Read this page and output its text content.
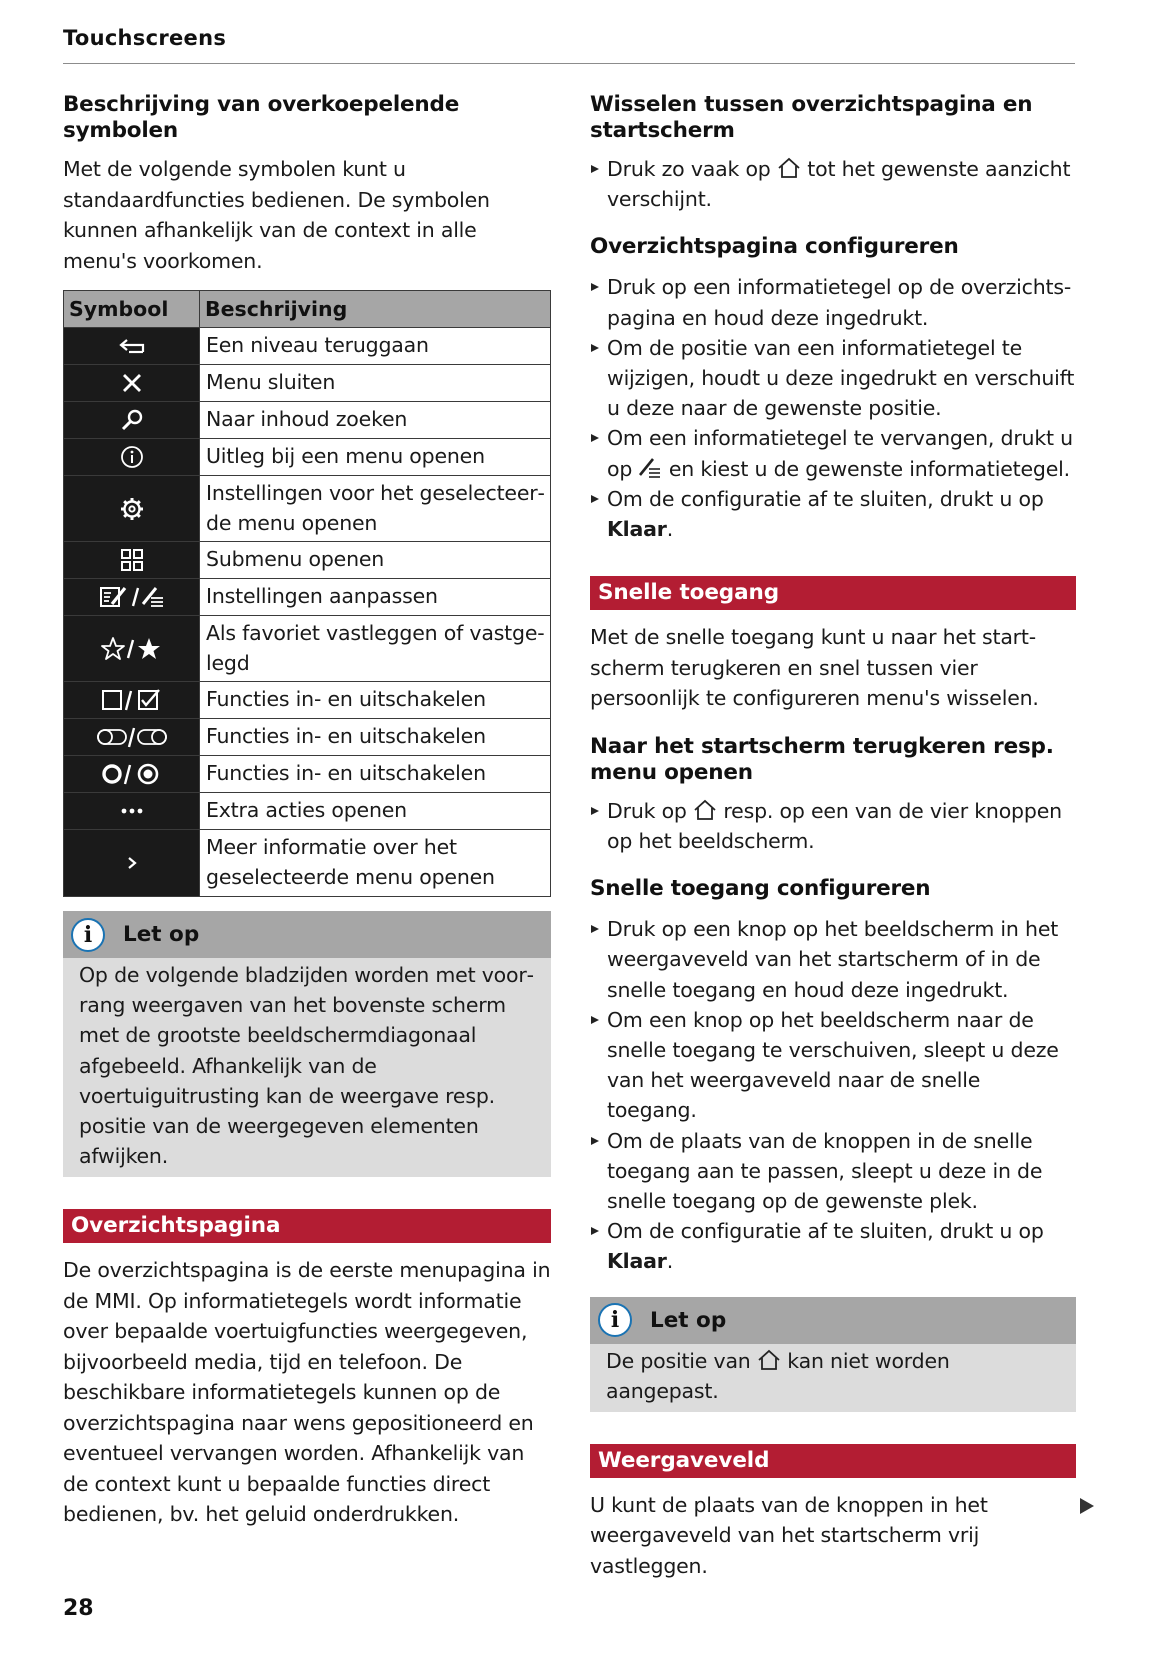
Touchscreens
Beschrijving van overkoepelende symbolen

Met de volgende symbolen kunt u standaardfuncties bedienen. De symbolen kunnen afhankelijk van de context in alle menu's voorkomen.

Symbool	Beschrijving
Een niveau teruggaan
Menu sluiten
Naar inhoud zoeken
Uitleg bij een menu openen
Instellingen voor het geselecteerde menu openen
Submenu openen
Instellingen aanpassen
Als favoriet vastleggen of vastgelegd
Functies in- en uitschakelen
Functies in- en uitschakelen
Functies in- en uitschakelen
Extra acties openen
Meer informatie over het geselecteerde menu openen
i Let op
Op de volgende bladzijden worden met voorrang weergaven van het bovenste scherm met de grootste beeldschermdiagonaal afgebeeld. Afhankelijk van de voertuiguitrusting kan de weergave resp. positie van de weergegeven elementen afwijken.
Overzichtspagina

De overzichtspagina is de eerste menupagina in de MMI. Op informatietegels wordt informatie over bepaalde voertuigfuncties weergegeven, bijvoorbeeld media, tijd en telefoon. De beschikbare informatietegels kunnen op de overzichtspagina naar wens gepositioneerd en eventueel vervangen worden. Afhankelijk van de context kunt u bepaalde functies direct bedienen, bv. het geluid onderdrukken.

Wisselen tussen overzichtspagina en startscherm
Druk zo vaak op tot het gewenste aanzicht verschijnt.
Overzichtspagina configureren
Druk op een informatietegel op de overzichtspagina en houd deze ingedrukt.
Om de positie van een informatietegel te wijzigen, houdt u deze ingedrukt en verschuift u deze naar de gewenste positie.
Om een informatietegel te vervangen, drukt u op en kiest u de gewenste informatietegel.
Om de configuratie af te sluiten, drukt u op Klaar.
Snelle toegang

Met de snelle toegang kunt u naar het startscherm terugkeren en snel tussen vier persoonlijk te configureren menu's wisselen.

Naar het startscherm terugkeren resp. menu openen
Druk op resp. op een van de vier knoppen op het beeldscherm.
Snelle toegang configureren
Druk op een knop op het beeldscherm in het weergaveveld van het startscherm of in de snelle toegang en houd deze ingedrukt.
Om een knop op het beeldscherm naar de snelle toegang te verschuiven, sleept u deze van het weergaveveld naar de snelle toegang.
Om de plaats van de knoppen in de snelle toegang aan te passen, sleept u deze in de snelle toegang op de gewenste plek.
Om de configuratie af te sluiten, drukt u op Klaar.
i Let op
De positie van kan niet worden aangepast.
Weergaveveld

U kunt de plaats van de knoppen in het weergaveveld van het startscherm vrij vastleggen.

28
